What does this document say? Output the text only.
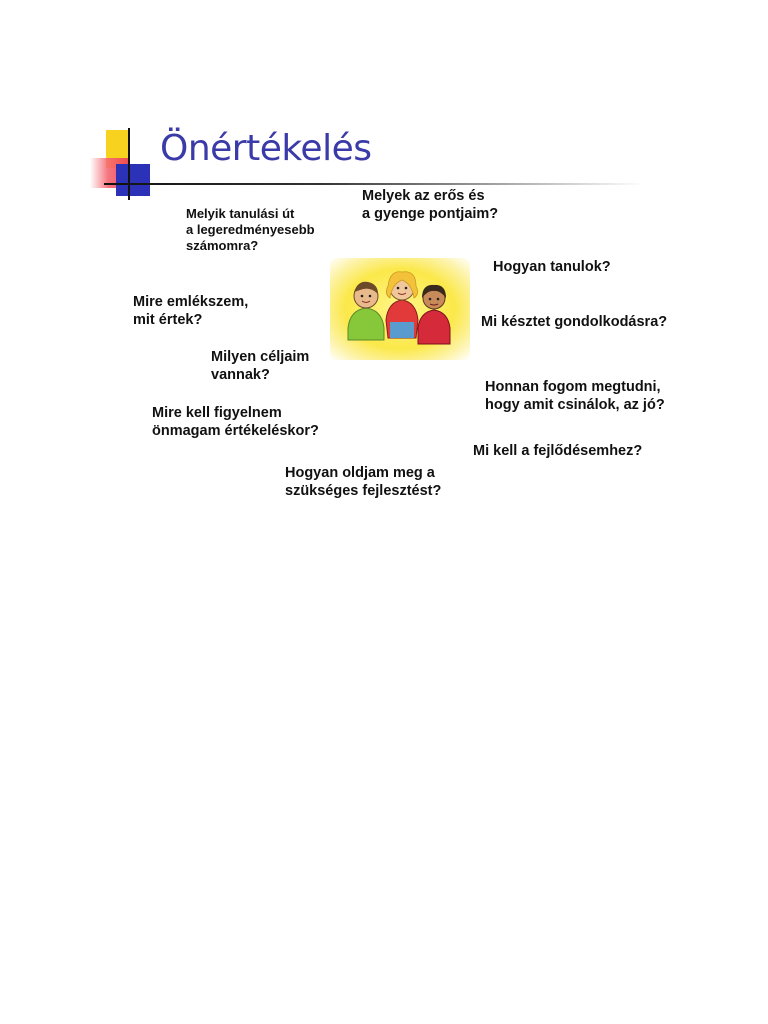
Önértékelés
Melyik tanulási út
a legeredményesebb
számomra?
Melyek az erős és
a gyenge pontjaim?
Hogyan tanulok?
Mire emlékszem,
mit értek?	Mi késztet gondolkodásra?
Milyen céljaim
vannak?
Honnan fogom megtudni,
hogy amit csinálok, az jó?
Mire kell figyelnem
önmagam értékeléskor?
Mi kell a fejlődésemhez?
Hogyan oldjam meg a
szükséges fejlesztést?
